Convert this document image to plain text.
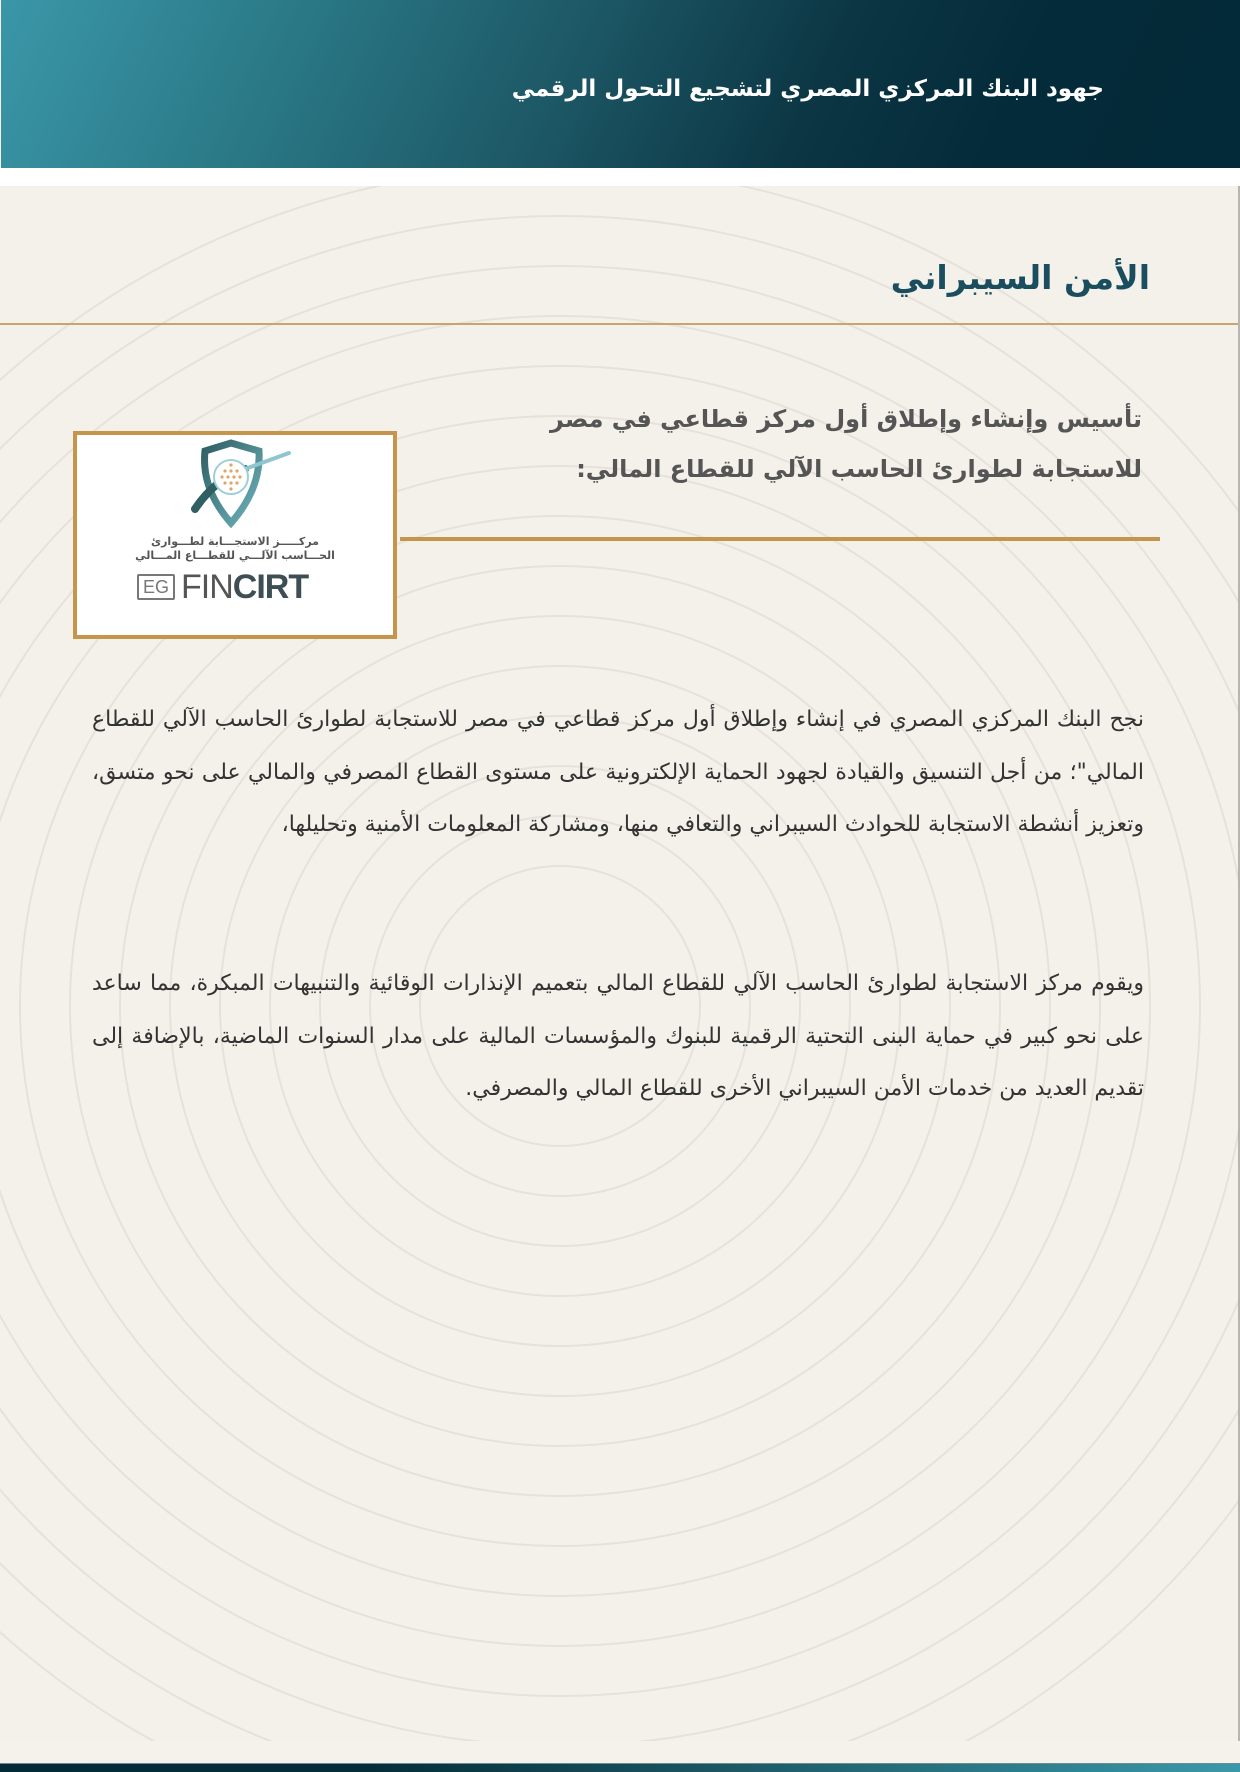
جهود البنك المركزي المصري لتشجيع التحول الرقمي
الأمن السيبراني
تأسيس وإنشاء وإطلاق أول مركز قطاعي في مصر للاستجابة لطوارئ الحاسب الآلي للقطاع المالي:
مركـــــز الاستجـــابة لطـــوارئ
الحـــاسب الآلـــي للقطـــاع المـــالي
EG FIN CIRT
نجح البنك المركزي المصري في إنشاء وإطلاق أول مركز قطاعي في مصر للاستجابة لطوارئ الحاسب الآلي للقطاع المالي"؛ من أجل التنسيق والقيادة لجهود الحماية الإلكترونية على مستوى القطاع المصرفي والمالي على نحو متسق، وتعزيز أنشطة الاستجابة للحوادث السيبراني والتعافي منها، ومشاركة المعلومات الأمنية وتحليلها،
ويقوم مركز الاستجابة لطوارئ الحاسب الآلي للقطاع المالي بتعميم الإنذارات الوقائية والتنبيهات المبكرة، مما ساعد على نحو كبير في حماية البنى التحتية الرقمية للبنوك والمؤسسات المالية على مدار السنوات الماضية، بالإضافة إلى تقديم العديد من خدمات الأمن السيبراني الأخرى للقطاع المالي والمصرفي.
